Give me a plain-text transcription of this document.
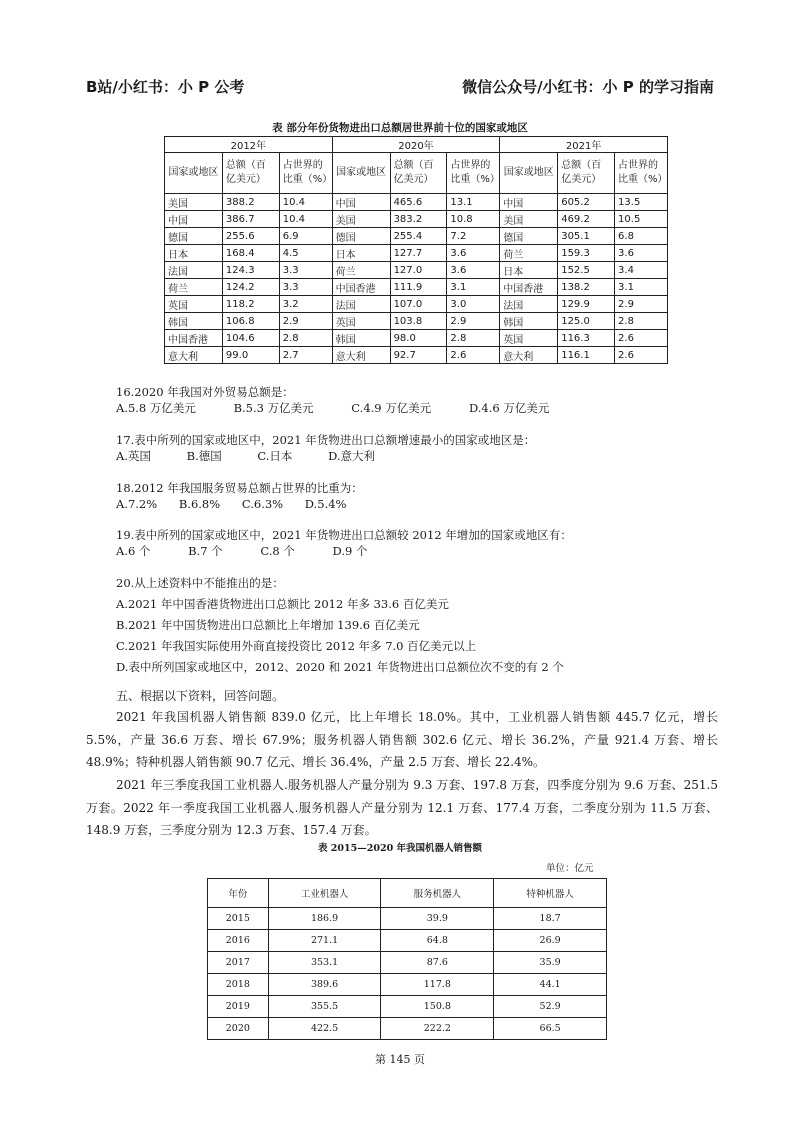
B站/小红书：小 P 公考	微信公众号/小红书：小 P 的学习指南
表 部分年份货物进出口总额居世界前十位的国家或地区
2012年			2020年			2021年		
国家或地区	总额（百亿美元）	占世界的比重（%）	国家或地区	总额（百亿美元）	占世界的比重（%）	国家或地区	总额（百亿美元）	占世界的比重（%）
美国	388.2	10.4	中国	465.6	13.1	中国	605.2	13.5
中国	386.7	10.4	美国	383.2	10.8	美国	469.2	10.5
德国	255.6	6.9	德国	255.4	7.2	德国	305.1	6.8
日本	168.4	4.5	日本	127.7	3.6	荷兰	159.3	3.6
法国	124.3	3.3	荷兰	127.0	3.6	日本	152.5	3.4
荷兰	124.2	3.3	中国香港	111.9	3.1	中国香港	138.2	3.1
英国	118.2	3.2	法国	107.0	3.0	法国	129.9	2.9
韩国	106.8	2.9	英国	103.8	2.9	韩国	125.0	2.8
中国香港	104.6	2.8	韩国	98.0	2.8	英国	116.3	2.6
意大利	99.0	2.7	意大利	92.7	2.6	意大利	116.1	2.6
16.2020 年我国对外贸易总额是：
A.5.8 万亿美元	B.5.3 万亿美元	C.4.9 万亿美元	D.4.6 万亿美元
17.表中所列的国家或地区中，2021 年货物进出口总额增速最小的国家或地区是：
A.英国	B.德国	C.日本	D.意大利
18.2012 年我国服务贸易总额占世界的比重为：
A.7.2% B.6.8% C.6.3% D.5.4%
19.表中所列的国家或地区中，2021 年货物进出口总额较 2012 年增加的国家或地区有：
A.6 个	B.7 个	C.8 个	D.9 个
20.从上述资料中不能推出的是：
A.2021 年中国香港货物进出口总额比 2012 年多 33.6 百亿美元
B.2021 年中国货物进出口总额比上年增加 139.6 百亿美元
C.2021 年我国实际使用外商直接投资比 2012 年多 7.0 百亿美元以上
D.表中所列国家或地区中，2012、2020 和 2021 年货物进出口总额位次不变的有 2 个
五、根据以下资料，回答问题。
2021 年我国机器人销售额 839.0 亿元，比上年增长 18.0%。其中，工业机器人销售额 445.7 亿元，增长 5.5%，产量 36.6 万套、增长 67.9%；服务机器人销售额 302.6 亿元、增长 36.2%，产量 921.4 万套、增长 48.9%；特种机器人销售额 90.7 亿元、增长 36.4%，产量 2.5 万套、增长 22.4%。
2021 年三季度我国工业机器人.服务机器人产量分别为 9.3 万套、197.8 万套，四季度分别为 9.6 万套、251.5 万套。2022 年一季度我国工业机器人.服务机器人产量分别为 12.1 万套、177.4 万套，二季度分别为 11.5 万套、148.9 万套，三季度分别为 12.3 万套、157.4 万套。
表 2015—2020 年我国机器人销售额
单位：亿元
年份	工业机器人	服务机器人	特种机器人
2015	186.9	39.9	18.7
2016	271.1	64.8	26.9
2017	353.1	87.6	35.9
2018	389.6	117.8	44.1
2019	355.5	150.8	52.9
2020	422.5	222.2	66.5
第 145 页
